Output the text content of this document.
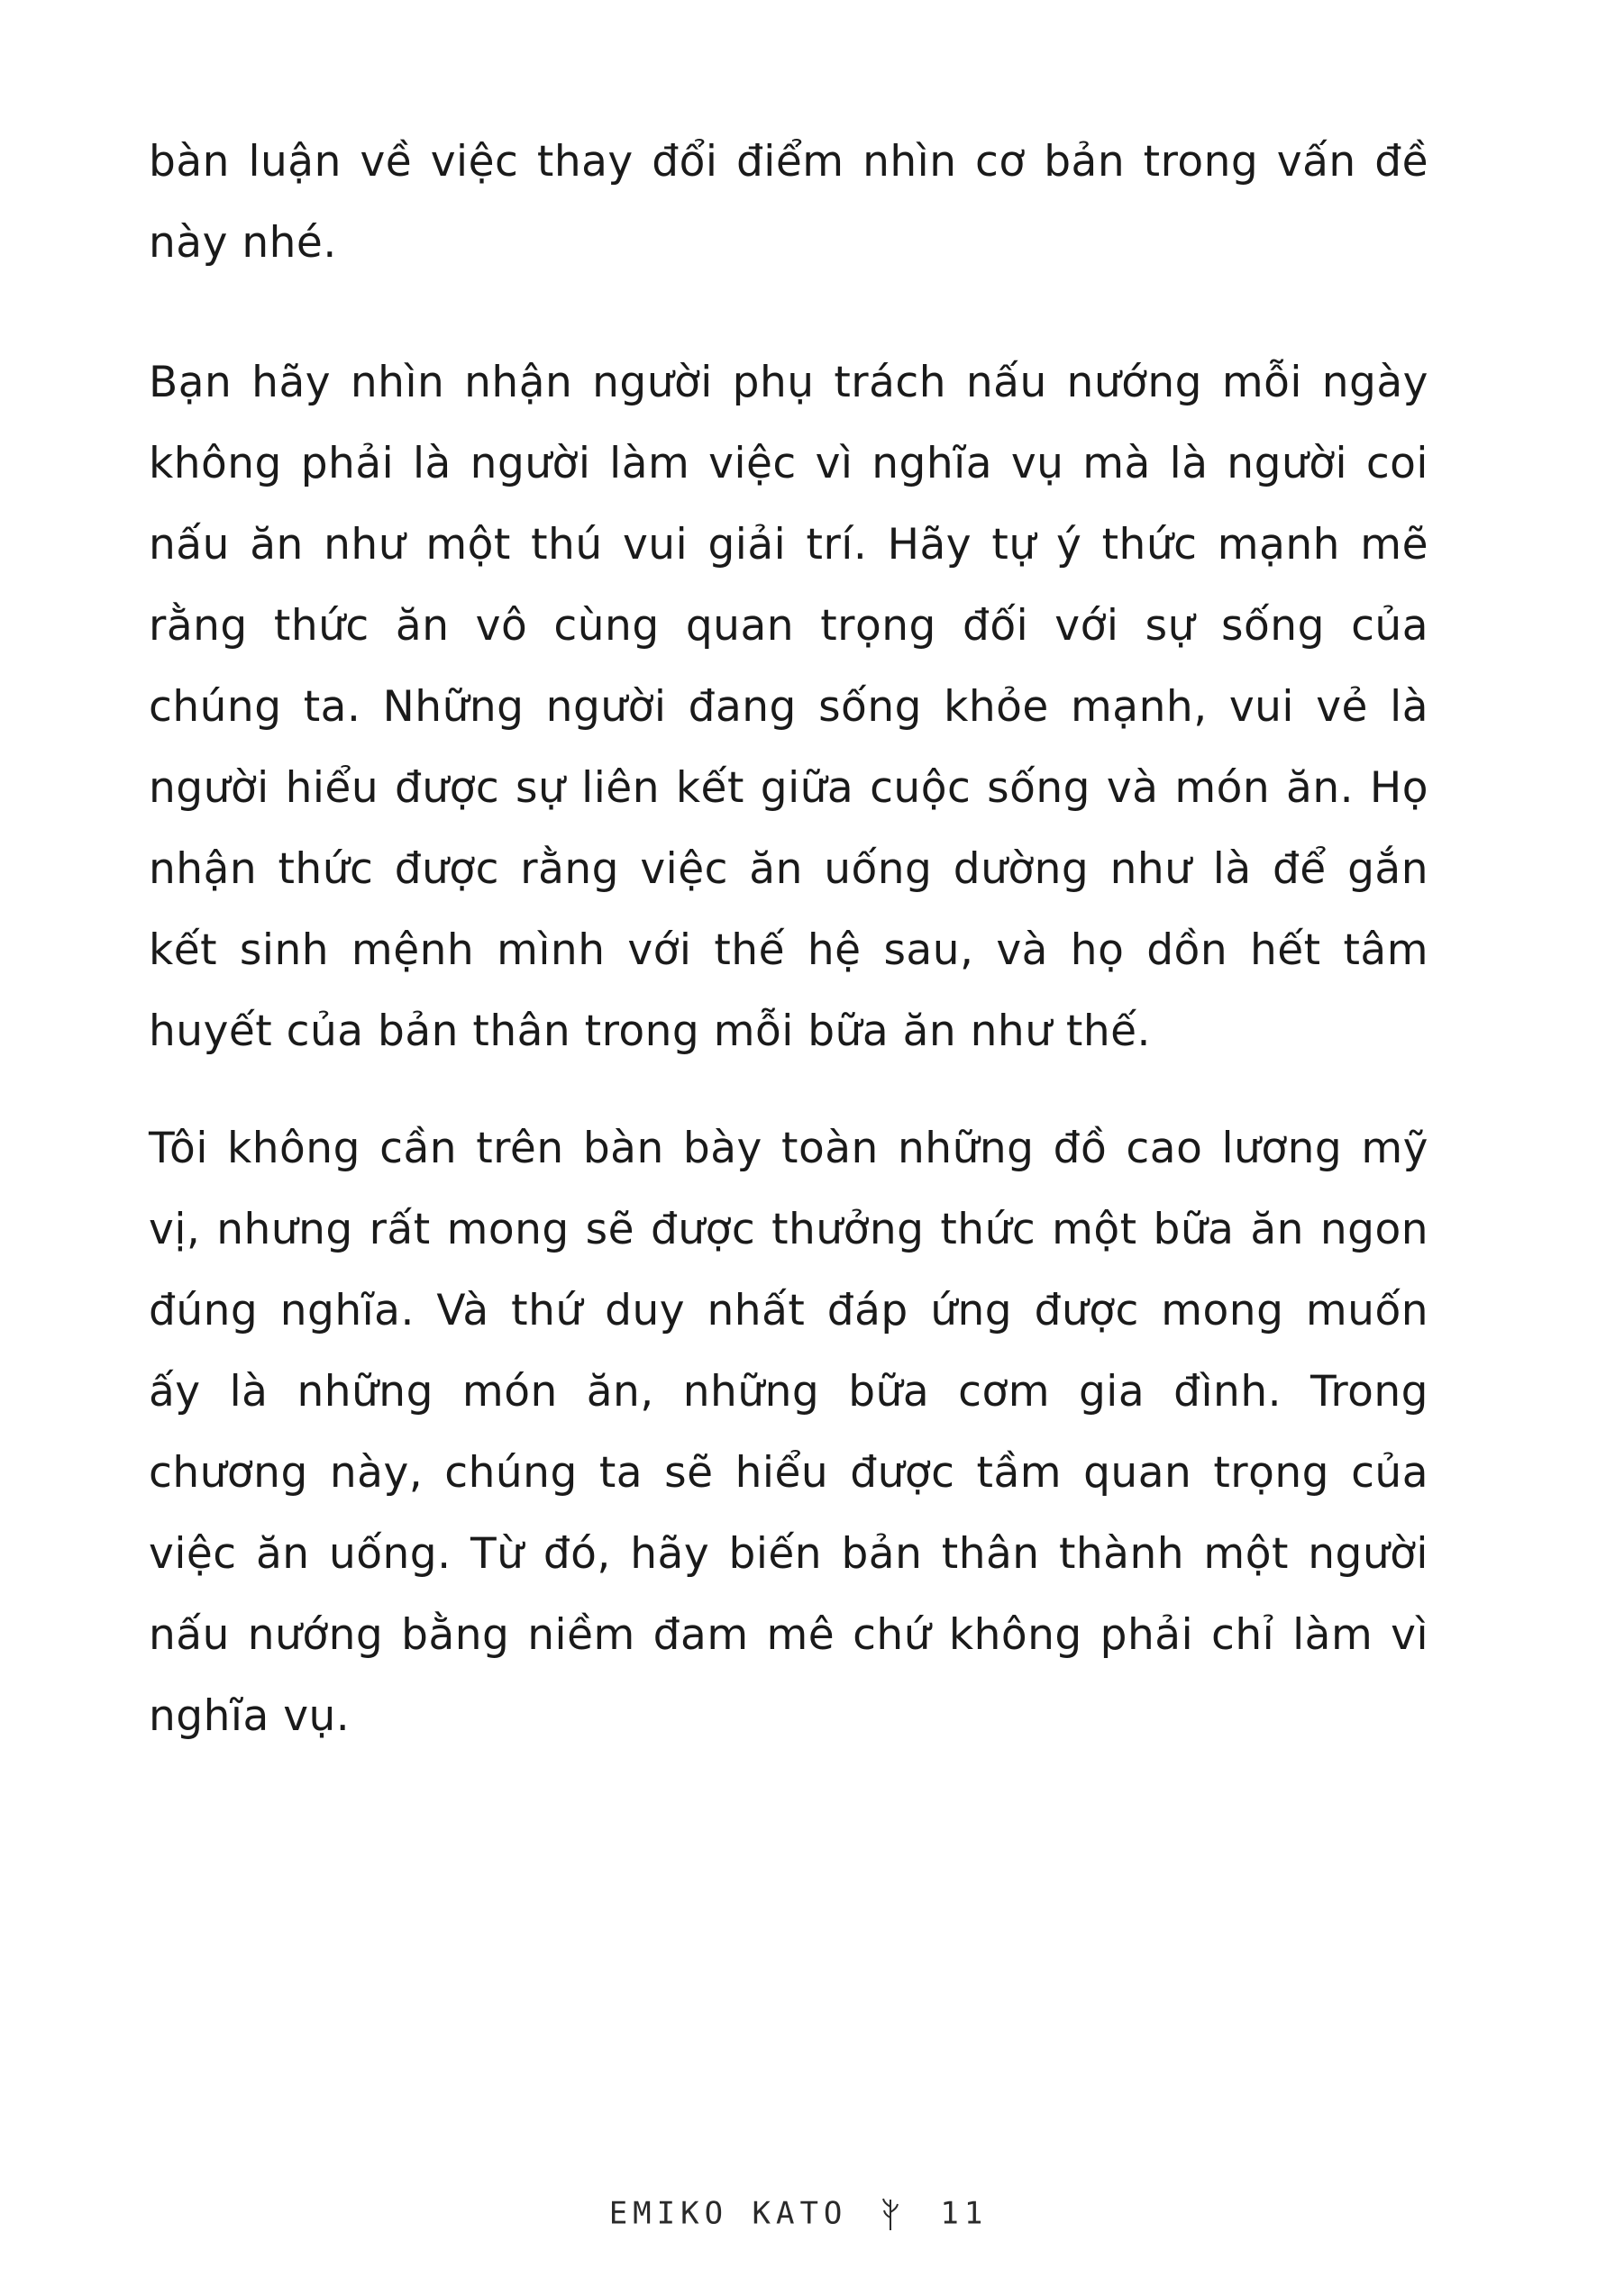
bàn luận về việc thay đổi điểm nhìn cơ bản trong vấn đề
này nhé.
Bạn hãy nhìn nhận người phụ trách nấu nướng mỗi ngày
không phải là người làm việc vì nghĩa vụ mà là người coi
nấu ăn như một thú vui giải trí. Hãy tự ý thức mạnh mẽ
rằng thức ăn vô cùng quan trọng đối với sự sống của
chúng ta. Những người đang sống khỏe mạnh, vui vẻ là
người hiểu được sự liên kết giữa cuộc sống và món ăn. Họ
nhận thức được rằng việc ăn uống dường như là để gắn
kết sinh mệnh mình với thế hệ sau, và họ dồn hết tâm
huyết của bản thân trong mỗi bữa ăn như thế.
Tôi không cần trên bàn bày toàn những đồ cao lương mỹ
vị, nhưng rất mong sẽ được thưởng thức một bữa ăn ngon
đúng nghĩa. Và thứ duy nhất đáp ứng được mong muốn
ấy là những món ăn, những bữa cơm gia đình. Trong
chương này, chúng ta sẽ hiểu được tầm quan trọng của
việc ăn uống. Từ đó, hãy biến bản thân thành một người
nấu nướng bằng niềm đam mê chứ không phải chỉ làm vì
nghĩa vụ.
EMIKO KATO	11
